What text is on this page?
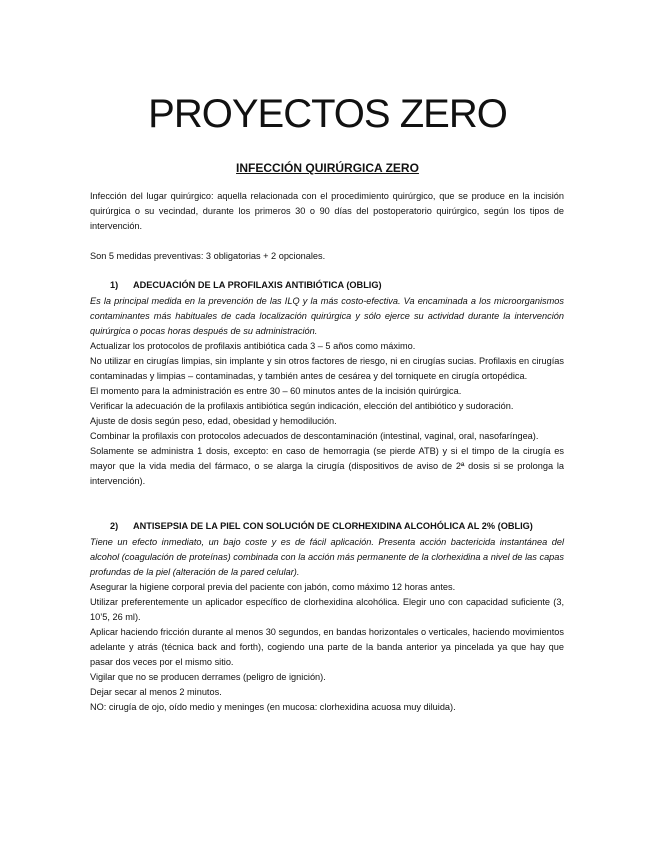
PROYECTOS ZERO
INFECCIÓN QUIRÚRGICA ZERO

Infección del lugar quirúrgico: aquella relacionada con el procedimiento quirúrgico, que se produce en la incisión quirúrgica o su vecindad, durante los primeros 30 o 90 días del postoperatorio quirúrgico, según los tipos de intervención.

Son 5 medidas preventivas: 3 obligatorias + 2 opcionales.

1) ADECUACIÓN DE LA PROFILAXIS ANTIBIÓTICA (OBLIG)

Es la principal medida en la prevención de las ILQ y la más costo-efectiva. Va encaminada a los microorganismos contaminantes más habituales de cada localización quirúrgica y sólo ejerce su actividad durante la intervención quirúrgica o pocas horas después de su administración.

Actualizar los protocolos de profilaxis antibiótica cada 3 – 5 años como máximo.

No utilizar en cirugías limpias, sin implante y sin otros factores de riesgo, ni en cirugías sucias. Profilaxis en cirugías contaminadas y limpias – contaminadas, y también antes de cesárea y del torniquete en cirugía ortopédica.

El momento para la administración es entre 30 – 60 minutos antes de la incisión quirúrgica.

Verificar la adecuación de la profilaxis antibiótica según indicación, elección del antibiótico y sudoración.

Ajuste de dosis según peso, edad, obesidad y hemodilución.

Combinar la profilaxis con protocolos adecuados de descontaminación (intestinal, vaginal, oral, nasofaríngea).

Solamente se administra 1 dosis, excepto: en caso de hemorragia (se pierde ATB) y si el timpo de la cirugía es mayor que la vida media del fármaco, o se alarga la cirugía (dispositivos de aviso de 2ª dosis si se prolonga la intervención).

2) ANTISEPSIA DE LA PIEL CON SOLUCIÓN DE CLORHEXIDINA ALCOHÓLICA AL 2% (OBLIG)

Tiene un efecto inmediato, un bajo coste y es de fácil aplicación. Presenta acción bactericida instantánea del alcohol (coagulación de proteínas) combinada con la acción más permanente de la clorhexidina a nivel de las capas profundas de la piel (alteración de la pared celular).

Asegurar la higiene corporal previa del paciente con jabón, como máximo 12 horas antes.

Utilizar preferentemente un aplicador específico de clorhexidina alcohólica. Elegir uno con capacidad suficiente (3, 10’5, 26 ml).

Aplicar haciendo fricción durante al menos 30 segundos, en bandas horizontales o verticales, haciendo movimientos adelante y atrás (técnica back and forth), cogiendo una parte de la banda anterior ya pincelada ya que hay que pasar dos veces por el mismo sitio.

Vigilar que no se producen derrames (peligro de ignición).

Dejar secar al menos 2 minutos.

NO: cirugía de ojo, oído medio y meninges (en mucosa: clorhexidina acuosa muy diluida).
